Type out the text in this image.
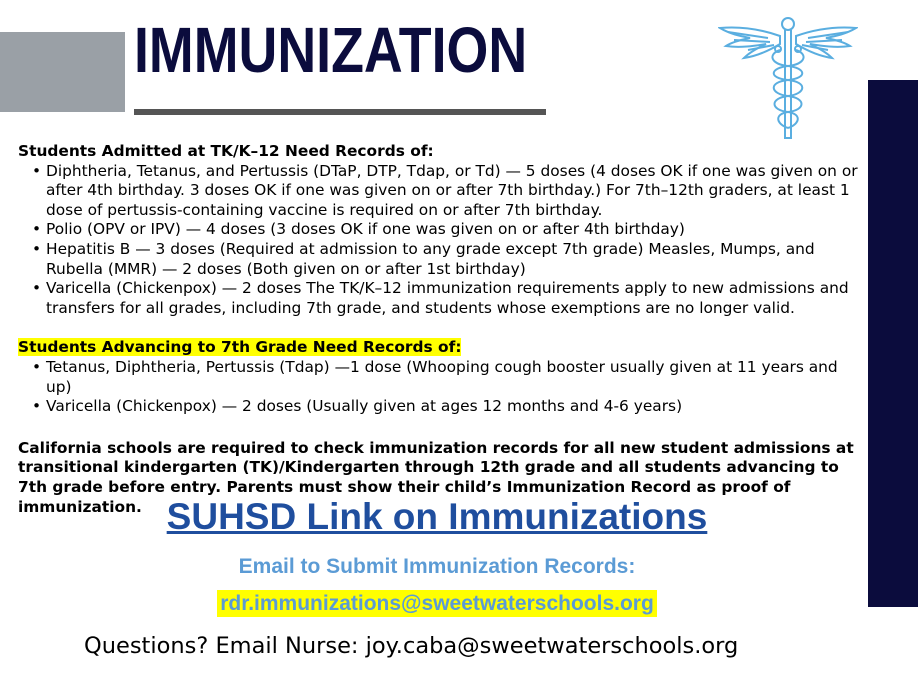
IMMUNIZATION

Students Admitted at TK/K–12 Need Records of:

• Diphtheria, Tetanus, and Pertussis (DTaP, DTP, Tdap, or Td) — 5 doses (4 doses OK if one was given on or after 4th birthday. 3 doses OK if one was given on or after 7th birthday.) For 7th–12th graders, at least 1 dose of pertussis-containing vaccine is required on or after 7th birthday.
• Polio (OPV or IPV) — 4 doses (3 doses OK if one was given on or after 4th birthday)
• Hepatitis B — 3 doses (Required at admission to any grade except 7th grade) Measles, Mumps, and Rubella (MMR) — 2 doses (Both given on or after 1st birthday)
• Varicella (Chickenpox) — 2 doses The TK/K–12 immunization requirements apply to new admissions and transfers for all grades, including 7th grade, and students whose exemptions are no longer valid.

Students Advancing to 7th Grade Need Records of:

• Tetanus, Diphtheria, Pertussis (Tdap) —1 dose (Whooping cough booster usually given at 11 years and up)
• Varicella (Chickenpox) — 2 doses (Usually given at ages 12 months and 4-6 years)

California schools are required to check immunization records for all new student admissions at transitional kindergarten (TK)/Kindergarten through 12th grade and all students advancing to 7th grade before entry. Parents must show their child’s Immunization Record as proof of immunization. SUHSD Link on Immunizations
Email to Submit Immunization Records:
rdr.immunizations@sweetwaterschools.org
Questions? Email Nurse: joy.caba@sweetwaterschools.org
